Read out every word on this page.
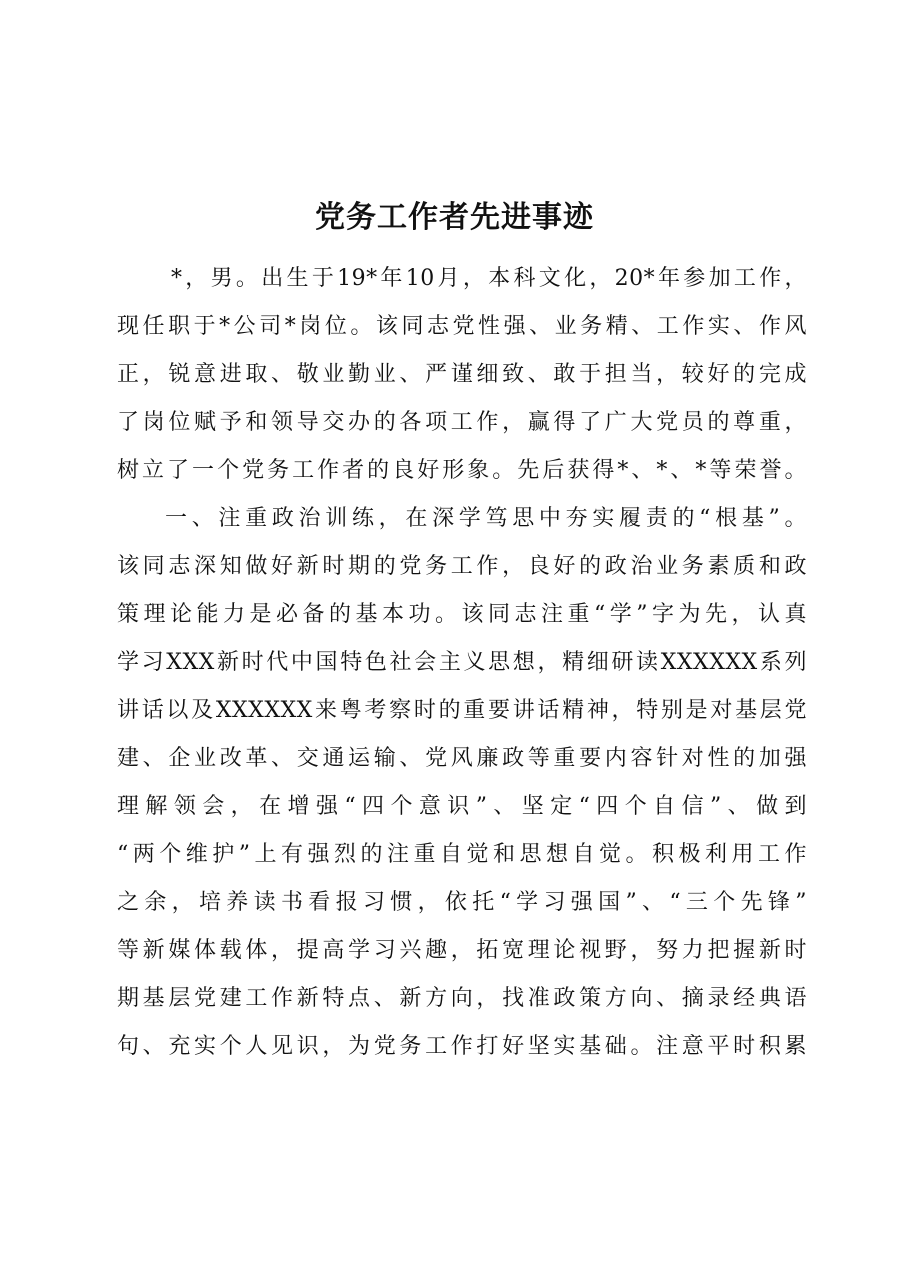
党务工作者先进事迹
*，男。出生于19*年10月，本科文化，20*年参加工作，
现任职于*公司*岗位。该同志党性强、业务精、工作实、作风
正，锐意进取、敬业勤业、严谨细致、敢于担当，较好的完成
了岗位赋予和领导交办的各项工作，赢得了广大党员的尊重，
树立了一个党务工作者的良好形象。先后获得*、*、*等荣誉。
一、注重政治训练，在深学笃思中夯实履责的“根基”。
该同志深知做好新时期的党务工作，良好的政治业务素质和政
策理论能力是必备的基本功。该同志注重“学”字为先，认真
学习XXX新时代中国特色社会主义思想，精细研读XXXXXX系列
讲话以及XXXXXX来粤考察时的重要讲话精神，特别是对基层党
建、企业改革、交通运输、党风廉政等重要内容针对性的加强
理解领会，在增强“四个意识”、坚定“四个自信”、做到
“两个维护”上有强烈的注重自觉和思想自觉。积极利用工作
之余，培养读书看报习惯，依托“学习强国”、“三个先锋”
等新媒体载体，提高学习兴趣，拓宽理论视野，努力把握新时
期基层党建工作新特点、新方向，找准政策方向、摘录经典语
句、充实个人见识，为党务工作打好坚实基础。注意平时积累
